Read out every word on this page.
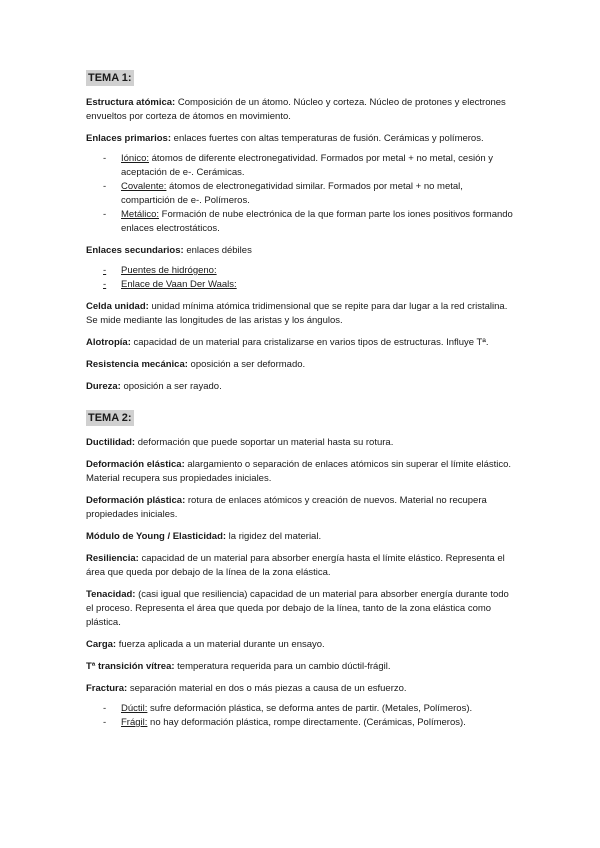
TEMA 1:

Estructura atómica: Composición de un átomo. Núcleo y corteza. Núcleo de protones y electrones envueltos por corteza de átomos en movimiento.

Enlaces primarios: enlaces fuertes con altas temperaturas de fusión. Cerámicas y polímeros.

- Iónico: átomos de diferente electronegatividad. Formados por metal + no metal, cesión y aceptación de e-. Cerámicas.
- Covalente: átomos de electronegatividad similar. Formados por metal + no metal, compartición de e-. Polímeros.
- Metálico: Formación de nube electrónica de la que forman parte los iones positivos formando enlaces electrostáticos.

Enlaces secundarios: enlaces débiles

- Puentes de hidrógeno:
- Enlace de Vaan Der Waals:

Celda unidad: unidad mínima atómica tridimensional que se repite para dar lugar a la red cristalina. Se mide mediante las longitudes de las aristas y los ángulos.

Alotropía: capacidad de un material para cristalizarse en varios tipos de estructuras. Influye Tª.

Resistencia mecánica: oposición a ser deformado.

Dureza: oposición a ser rayado.

TEMA 2:

Ductilidad: deformación que puede soportar un material hasta su rotura.

Deformación elástica: alargamiento o separación de enlaces atómicos sin superar el límite elástico. Material recupera sus propiedades iniciales.

Deformación plástica: rotura de enlaces atómicos y creación de nuevos. Material no recupera propiedades iniciales.

Módulo de Young / Elasticidad: la rigidez del material.

Resiliencia: capacidad de un material para absorber energía hasta el límite elástico. Representa el área que queda por debajo de la línea de la zona elástica.

Tenacidad: (casi igual que resiliencia) capacidad de un material para absorber energía durante todo el proceso. Representa el área que queda por debajo de la línea, tanto de la zona elástica como plástica.

Carga: fuerza aplicada a un material durante un ensayo.

Tª transición vítrea: temperatura requerida para un cambio dúctil-frágil.

Fractura: separación material en dos o más piezas a causa de un esfuerzo.

- Dúctil: sufre deformación plástica, se deforma antes de partir. (Metales, Polímeros).
- Frágil: no hay deformación plástica, rompe directamente. (Cerámicas, Polímeros).
